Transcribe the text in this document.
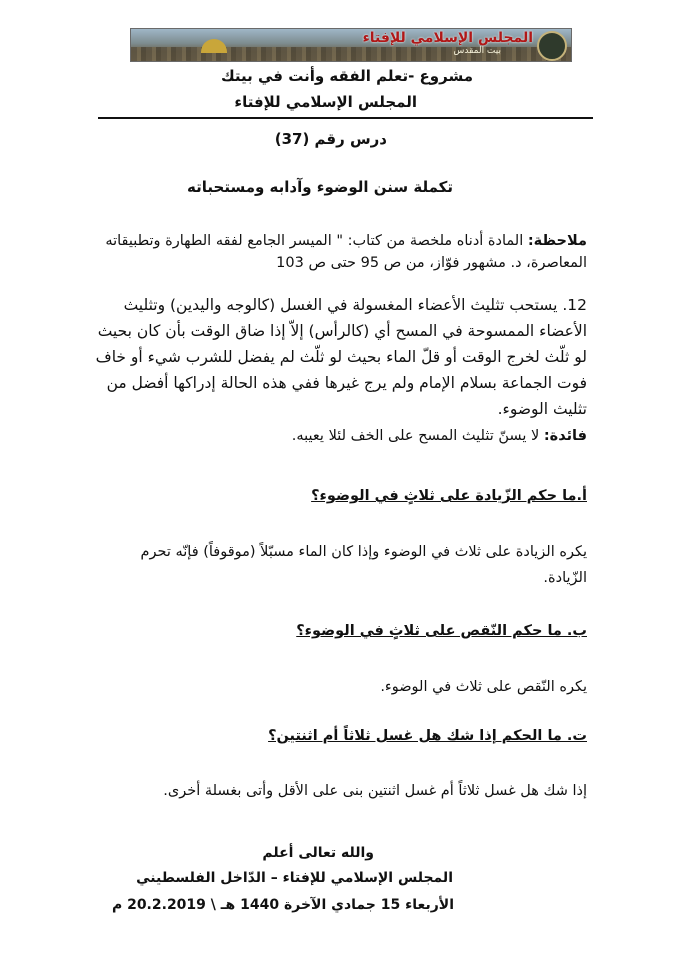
المجلس الإسلامي للإفتاء
بيت المقدس
مشروع -تعلم الفقه وأنت في بيتك
المجلس الإسلامي للإفتاء
درس رقم (37)
تكملة سنن الوضوء وآدابه ومستحباته
ملاحظة: المادة أدناه ملخصة من كتاب: " الميسر الجامع لفقه الطهارة وتطبيقاته
المعاصرة، د. مشهور فوّاز، من ص 95 حتى ص 103
12. يستحب تثليث الأعضاء المغسولة في الغسل (كالوجه واليدين) وتثليث
الأعضاء الممسوحة في المسح أي (كالرأس) إلاّ إذا ضاق الوقت بأن كان بحيث
لو ثلّث لخرج الوقت أو قلّ الماء بحيث لو ثلّث لم يفضل للشرب شيء أو خاف
فوت الجماعة بسلام الإمام ولم يرج غيرها ففي هذه الحالة إدراكها أفضل من
تثليث الوضوء.
فائدة: لا يسنّ تثليث المسح على الخف لئلا يعيبه.
أ.ما حكم الزّيادة على ثلاثٍ في الوضوء؟
يكره الزيادة على ثلاث في الوضوء وإذا كان الماء مسبّلاً (موقوفاً) فإنّه تحرم
الزّيادة.
ب. ما حكم النّقص على ثلاثٍ في الوضوء؟
يكره النّقص على ثلاث في الوضوء.
ت. ما الحكم إذا شك هل غسل ثلاثاً أم اثنتين؟
إذا شك هل غسل ثلاثاً أم غسل اثنتين بنى على الأقل وأتى بغسلة أخرى.
والله تعالى أعلم
المجلس الإسلامي للإفتاء – الدّاخل الفلسطيني
الأربعاء 15 جمادي الآخرة 1440 هـ \ 20.2.2019 م
